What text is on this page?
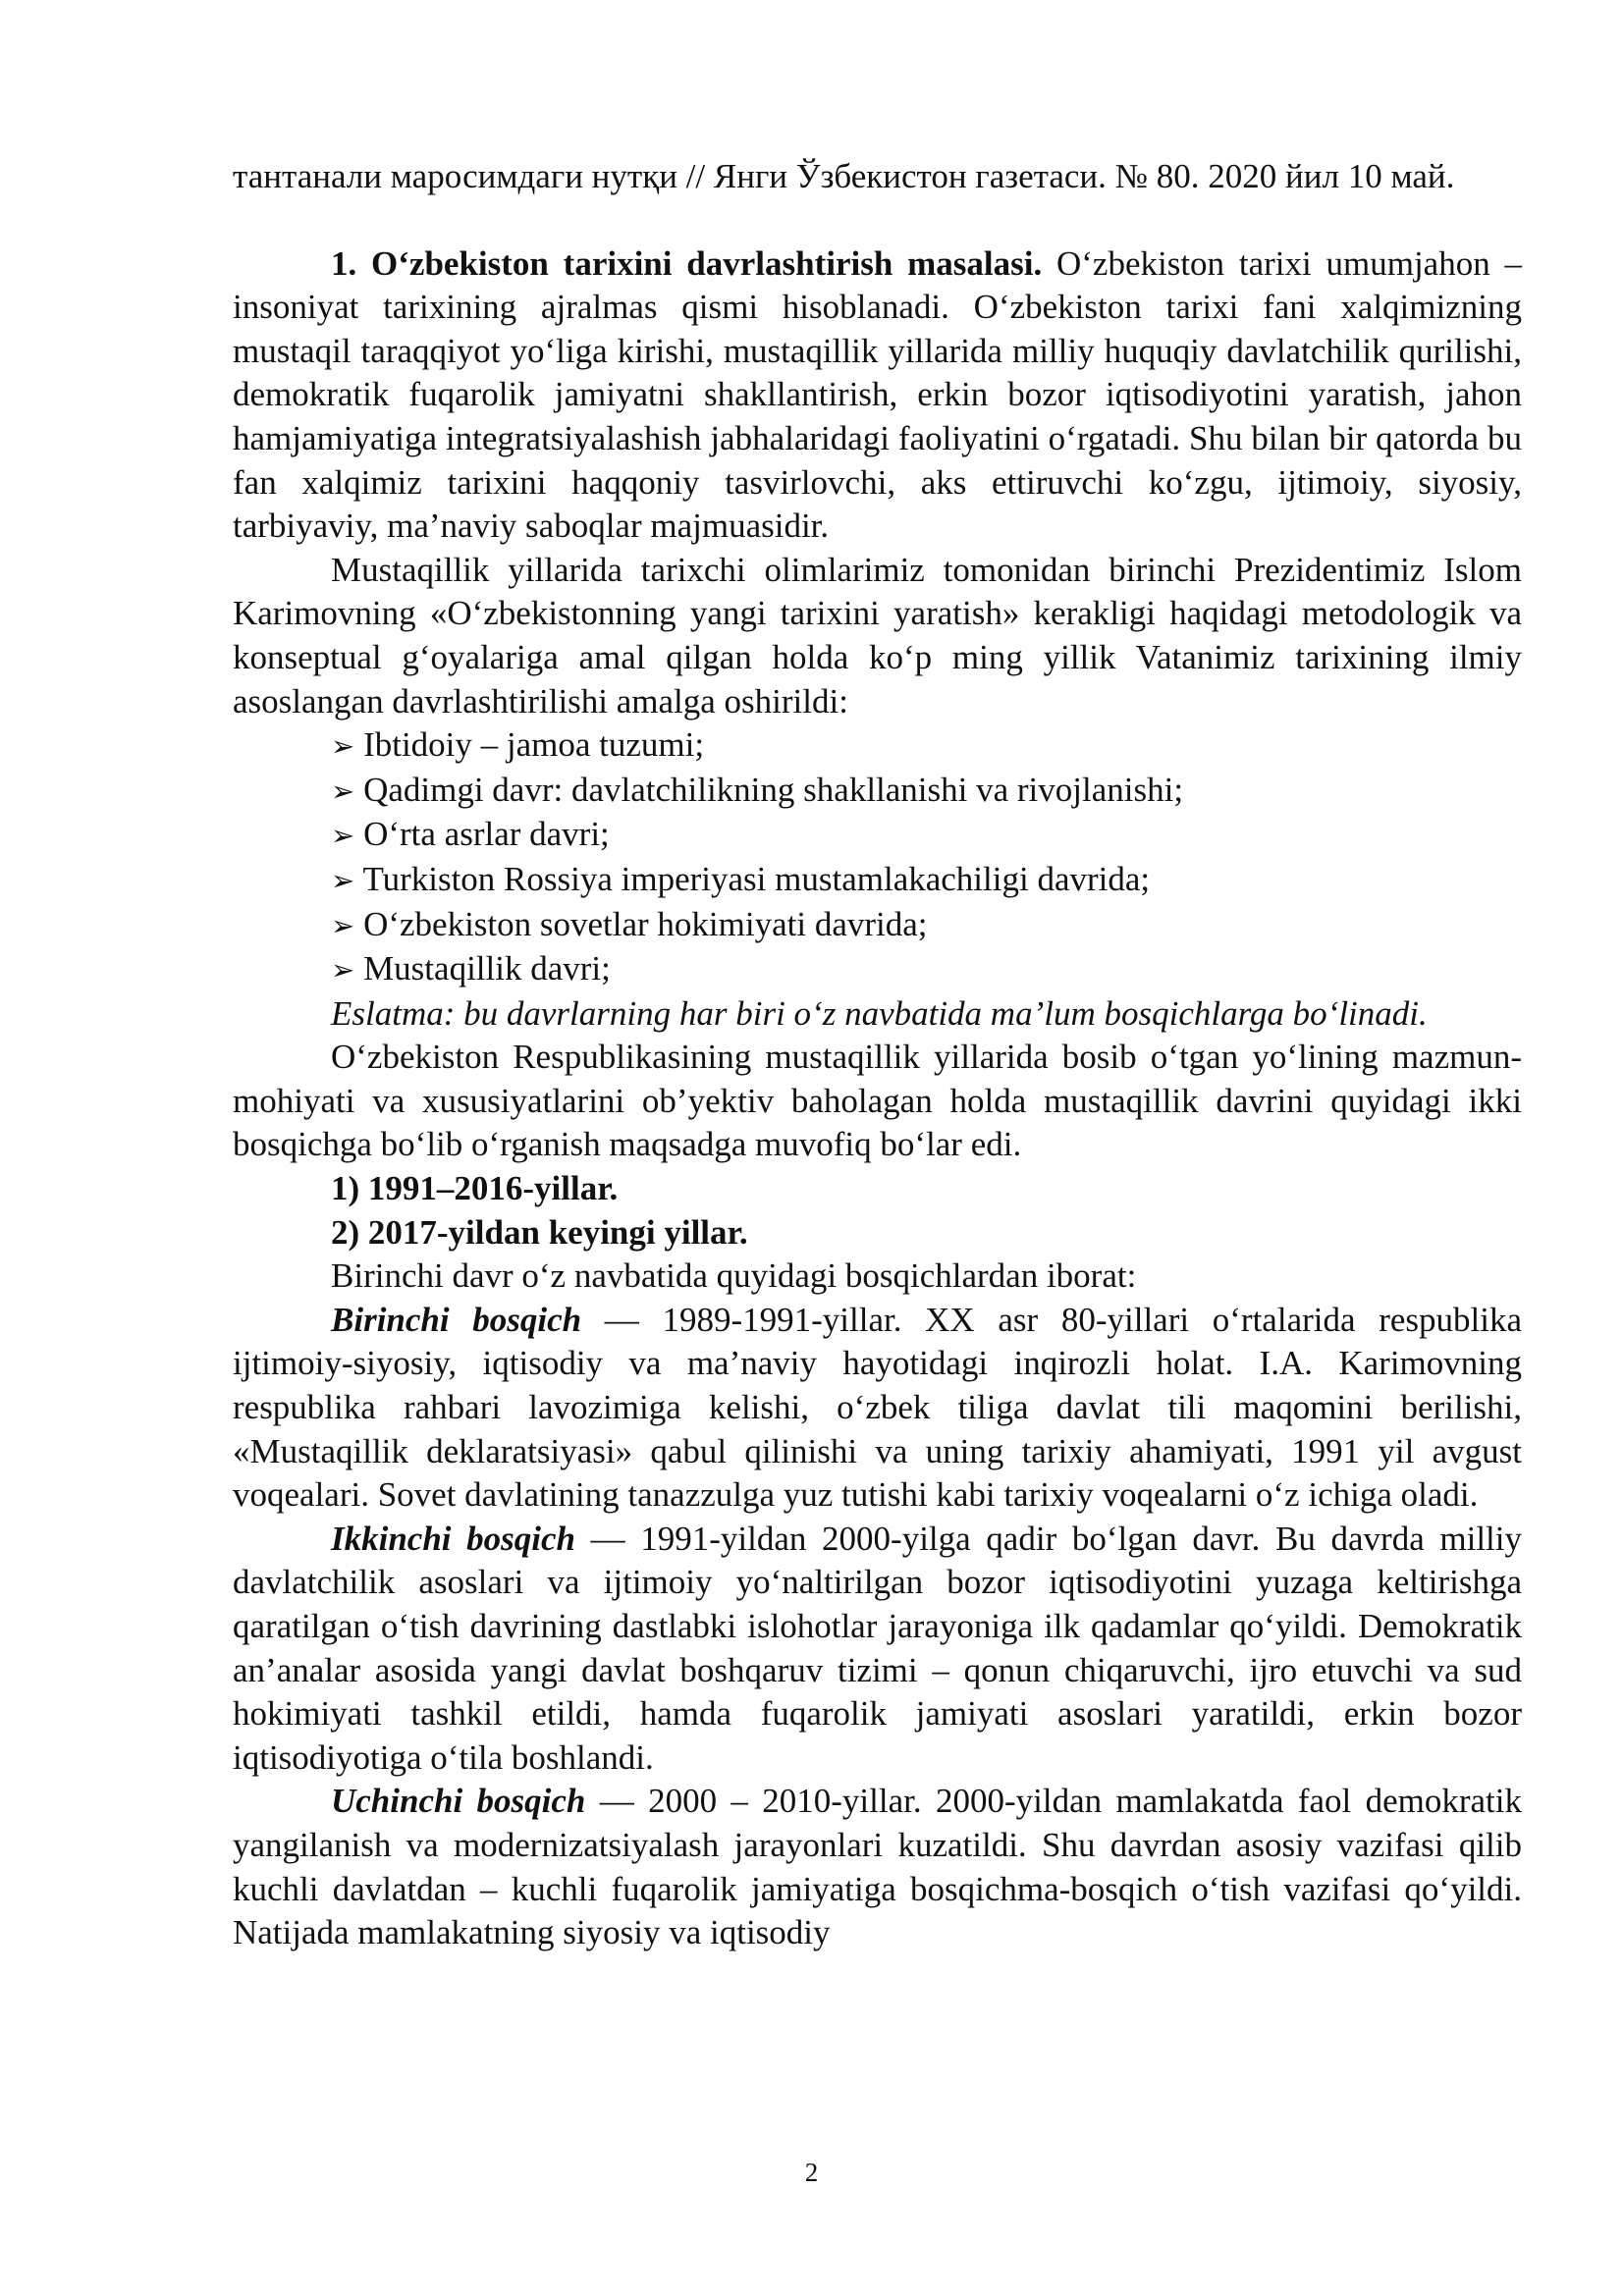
тантанали маросимдаги нутқи // Янги Ўзбекистон газетаси. № 80. 2020 йил 10 май.

1. O‘zbekiston tarixini davrlashtirish masalasi. O‘zbekiston tarixi umumjahon – insoniyat tarixining ajralmas qismi hisoblanadi. O‘zbekiston tarixi fani xalqimizning mustaqil taraqqiyot yo‘liga kirishi, mustaqillik yillarida milliy huquqiy davlatchilik qurilishi, demokratik fuqarolik jamiyatni shakllantirish, erkin bozor iqtisodiyotini yaratish, jahon hamjamiyatiga integratsiyalashish jabhalaridagi faoliyatini o‘rgatadi. Shu bilan bir qatorda bu fan xalqimiz tarixini haqqoniy tasvirlovchi, aks ettiruvchi ko‘zgu, ijtimoiy, siyosiy, tarbiyaviy, ma’naviy saboqlar majmuasidir.

Mustaqillik yillarida tarixchi olimlarimiz tomonidan birinchi Prezidentimiz Islom Karimovning «O‘zbekistonning yangi tarixini yaratish» kerakligi haqidagi metodologik va konseptual g‘oyalariga amal qilgan holda ko‘p ming yillik Vatanimiz tarixining ilmiy asoslangan davrlashtirilishi amalga oshirildi:

➢ Ibtidoiy – jamoa tuzumi;
➢ Qadimgi davr: davlatchilikning shakllanishi va rivojlanishi;
➢ O‘rta asrlar davri;
➢ Turkiston Rossiya imperiyasi mustamlakachiligi davrida;
➢ O‘zbekiston sovetlar hokimiyati davrida;
➢ Mustaqillik davri;

Eslatma: bu davrlarning har biri o‘z navbatida ma’lum bosqichlarga bo‘linadi.

O‘zbekiston Respublikasining mustaqillik yillarida bosib o‘tgan yo‘lining mazmun-mohiyati va xususiyatlarini ob’yektiv baholagan holda mustaqillik davrini quyidagi ikki bosqichga bo‘lib o‘rganish maqsadga muvofiq bo‘lar edi.

1) 1991–2016-yillar.

2) 2017-yildan keyingi yillar.

Birinchi davr o‘z navbatida quyidagi bosqichlardan iborat:

Birinchi bosqich — 1989-1991-yillar. XX asr 80-yillari o‘rtalarida respublika ijtimoiy-siyosiy, iqtisodiy va ma’naviy hayotidagi inqirozli holat. I.A. Karimovning respublika rahbari lavozimiga kelishi, o‘zbek tiliga davlat tili maqomini berilishi, «Mustaqillik deklaratsiyasi» qabul qilinishi va uning tarixiy ahamiyati, 1991 yil avgust voqealari. Sovet davlatining tanazzulga yuz tutishi kabi tarixiy voqealarni o‘z ichiga oladi.

Ikkinchi bosqich — 1991-yildan 2000-yilga qadir bo‘lgan davr. Bu davrda milliy davlatchilik asoslari va ijtimoiy yo‘naltirilgan bozor iqtisodiyotini yuzaga keltirishga qaratilgan o‘tish davrining dastlabki islohotlar jarayoniga ilk qadamlar qo‘yildi. Demokratik an’analar asosida yangi davlat boshqaruv tizimi – qonun chiqaruvchi, ijro etuvchi va sud hokimiyati tashkil etildi, hamda fuqarolik jamiyati asoslari yaratildi, erkin bozor iqtisodiyotiga o‘tila boshlandi.

Uchinchi bosqich — 2000 – 2010-yillar. 2000-yildan mamlakatda faol demokratik yangilanish va modernizatsiyalash jarayonlari kuzatildi. Shu davrdan asosiy vazifasi qilib kuchli davlatdan – kuchli fuqarolik jamiyatiga bosqichma-bosqich o‘tish vazifasi qo‘yildi. Natijada mamlakatning siyosiy va iqtisodiy

2
